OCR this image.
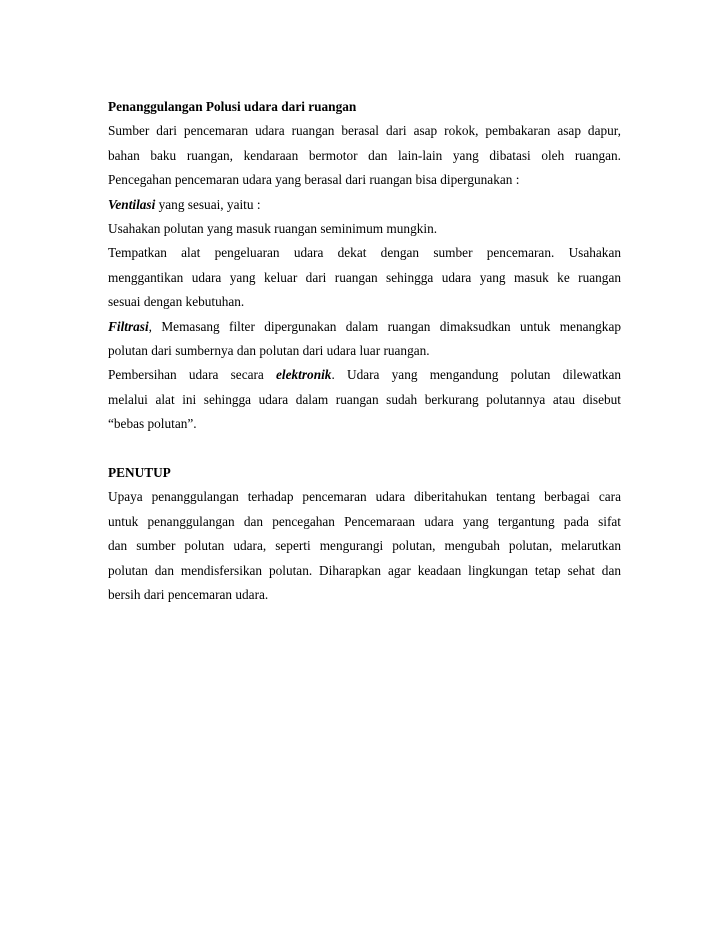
Penanggulangan Polusi udara dari ruangan
Sumber dari pencemaran udara ruangan berasal dari asap rokok, pembakaran asap dapur,
bahan baku ruangan, kendaraan bermotor dan lain-lain yang dibatasi oleh ruangan.
Pencegahan pencemaran udara yang berasal dari ruangan bisa dipergunakan :
Ventilasi yang sesuai, yaitu :
Usahakan polutan yang masuk ruangan seminimum mungkin.
Tempatkan alat pengeluaran udara dekat dengan sumber pencemaran. Usahakan
menggantikan udara yang keluar dari ruangan sehingga udara yang masuk ke ruangan
sesuai dengan kebutuhan.
Filtrasi, Memasang filter dipergunakan dalam ruangan dimaksudkan untuk menangkap
polutan dari sumbernya dan polutan dari udara luar ruangan.
Pembersihan udara secara elektronik. Udara yang mengandung polutan dilewatkan
melalui alat ini sehingga udara dalam ruangan sudah berkurang polutannya atau disebut
“bebas polutan”.
PENUTUP
Upaya penanggulangan terhadap pencemaran udara diberitahukan tentang berbagai cara
untuk penanggulangan dan pencegahan Pencemaraan udara yang tergantung pada sifat
dan sumber polutan udara, seperti mengurangi polutan, mengubah polutan, melarutkan
polutan dan mendisfersikan polutan. Diharapkan agar keadaan lingkungan tetap sehat dan
bersih dari pencemaran udara.
